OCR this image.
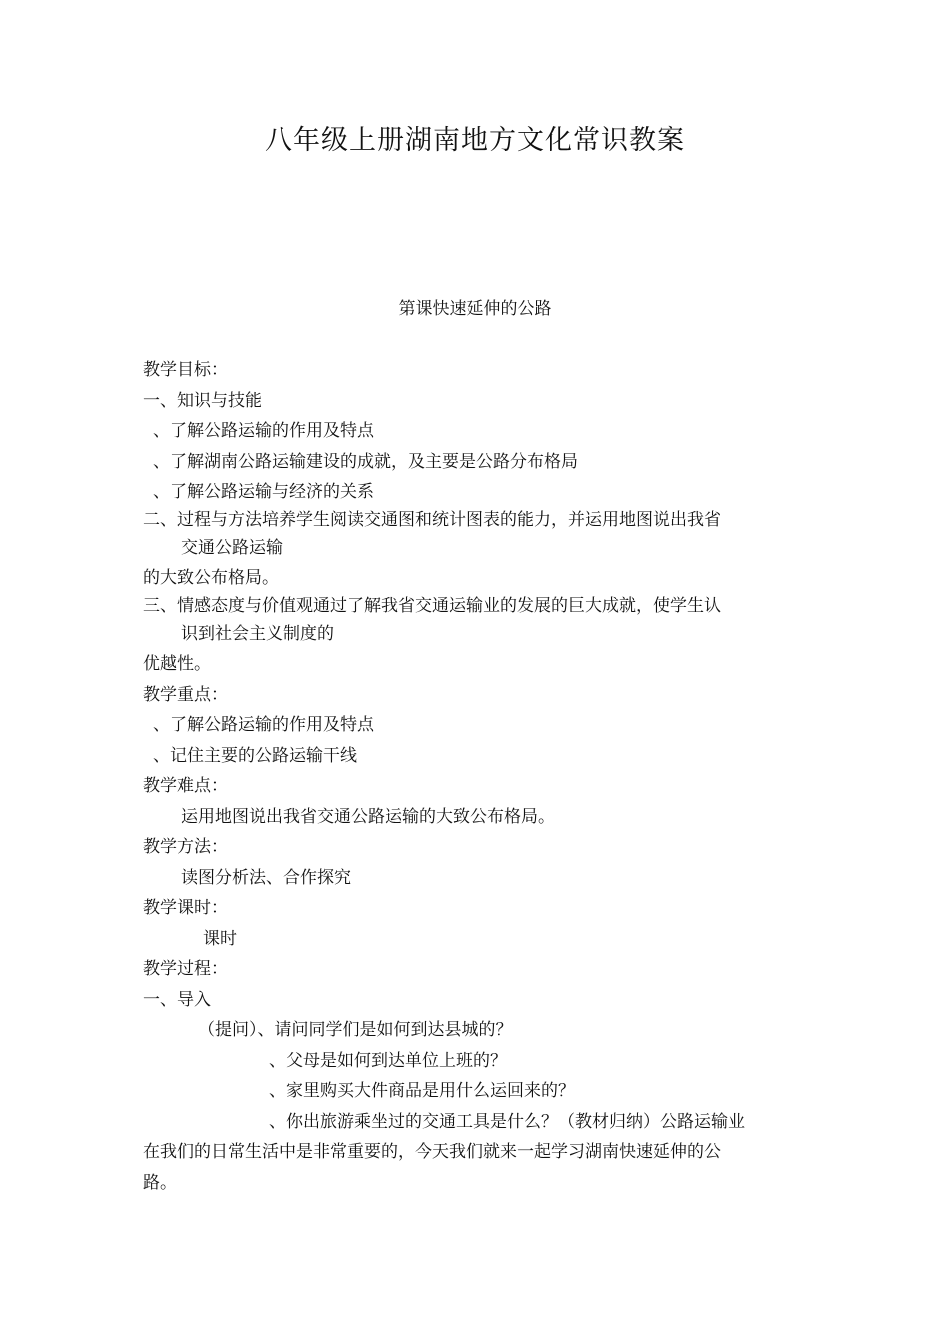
八年级上册湖南地方文化常识教案
第课快速延伸的公路
教学目标：
一、知识与技能
、了解公路运输的作用及特点
、了解湖南公路运输建设的成就，及主要是公路分布格局
、了解公路运输与经济的关系
二、过程与方法培养学生阅读交通图和统计图表的能力，并运用地图说出我省
交通公路运输
的大致公布格局。
三、情感态度与价值观通过了解我省交通运输业的发展的巨大成就，使学生认
识到社会主义制度的
优越性。
教学重点：
、了解公路运输的作用及特点
、记住主要的公路运输干线
教学难点：
运用地图说出我省交通公路运输的大致公布格局。
教学方法：
读图分析法、合作探究
教学课时：
课时
教学过程：
一、导入
（提问）、请问同学们是如何到达县城的？
、父母是如何到达单位上班的？
、家里购买大件商品是用什么运回来的？
、你出旅游乘坐过的交通工具是什么？（教材归纳）公路运输业
在我们的日常生活中是非常重要的，今天我们就来一起学习湖南快速延伸的公
路。
